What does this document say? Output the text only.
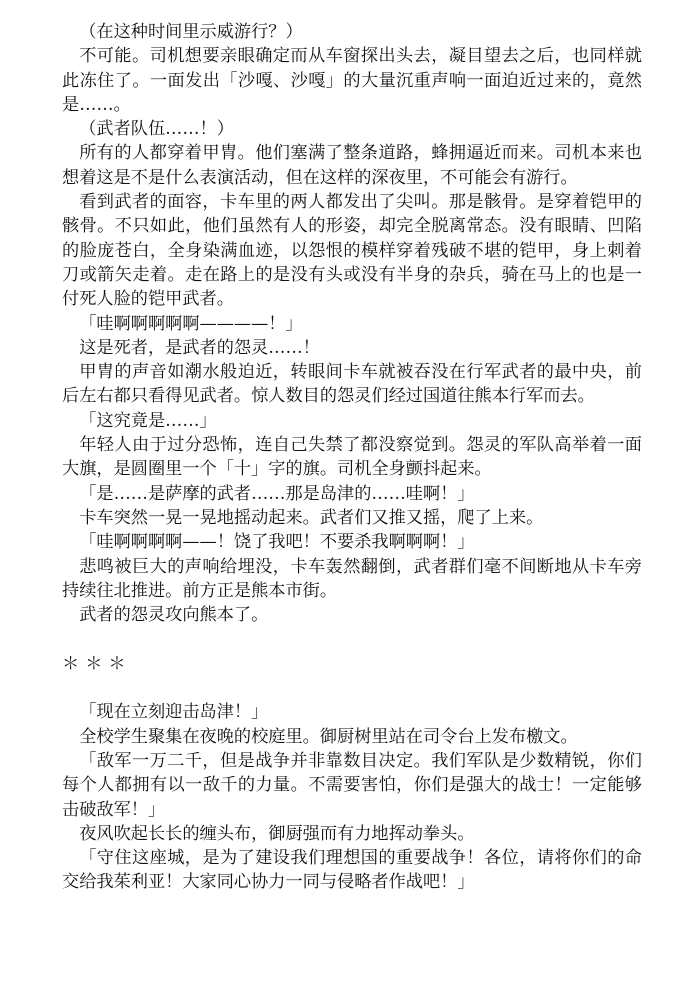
（在这种时间里示威游行？）

不可能。司机想要亲眼确定而从车窗探出头去，凝目望去之后，也同样就此冻住了。一面发出「沙嘎、沙嘎」的大量沉重声响一面迫近过来的，竟然是……。

（武者队伍……！）

所有的人都穿着甲胄。他们塞满了整条道路，蜂拥逼近而来。司机本来也想着这是不是什么表演活动，但在这样的深夜里，不可能会有游行。

看到武者的面容，卡车里的两人都发出了尖叫。那是骸骨。是穿着铠甲的骸骨。不只如此，他们虽然有人的形姿，却完全脱离常态。没有眼睛、凹陷的脸庞苍白，全身染满血迹，以怨恨的模样穿着残破不堪的铠甲，身上刺着刀或箭矢走着。走在路上的是没有头或没有半身的杂兵，骑在马上的也是一付死人脸的铠甲武者。

「哇啊啊啊啊啊————！」

这是死者，是武者的怨灵……！

甲胄的声音如潮水般迫近，转眼间卡车就被吞没在行军武者的最中央，前后左右都只看得见武者。惊人数目的怨灵们经过国道往熊本行军而去。

「这究竟是……」

年轻人由于过分恐怖，连自己失禁了都没察觉到。怨灵的军队高举着一面大旗，是圆圈里一个「十」字的旗。司机全身颤抖起来。

「是……是萨摩的武者……那是岛津的……哇啊！」

卡车突然一晃一晃地摇动起来。武者们又推又摇，爬了上来。

「哇啊啊啊啊——！饶了我吧！不要杀我啊啊啊！」

悲鸣被巨大的声响给埋没，卡车轰然翻倒，武者群们毫不间断地从卡车旁持续往北推进。前方正是熊本市街。

武者的怨灵攻向熊本了。

＊＊＊

「现在立刻迎击岛津！」

全校学生聚集在夜晚的校庭里。御厨树里站在司令台上发布檄文。

「敌军一万二千，但是战争并非靠数目决定。我们军队是少数精锐，你们每个人都拥有以一敌千的力量。不需要害怕，你们是强大的战士！一定能够击破敌军！」

夜风吹起长长的缠头布，御厨强而有力地挥动拳头。

「守住这座城，是为了建设我们理想国的重要战争！各位，请将你们的命交给我茱利亚！大家同心协力一同与侵略者作战吧！」
